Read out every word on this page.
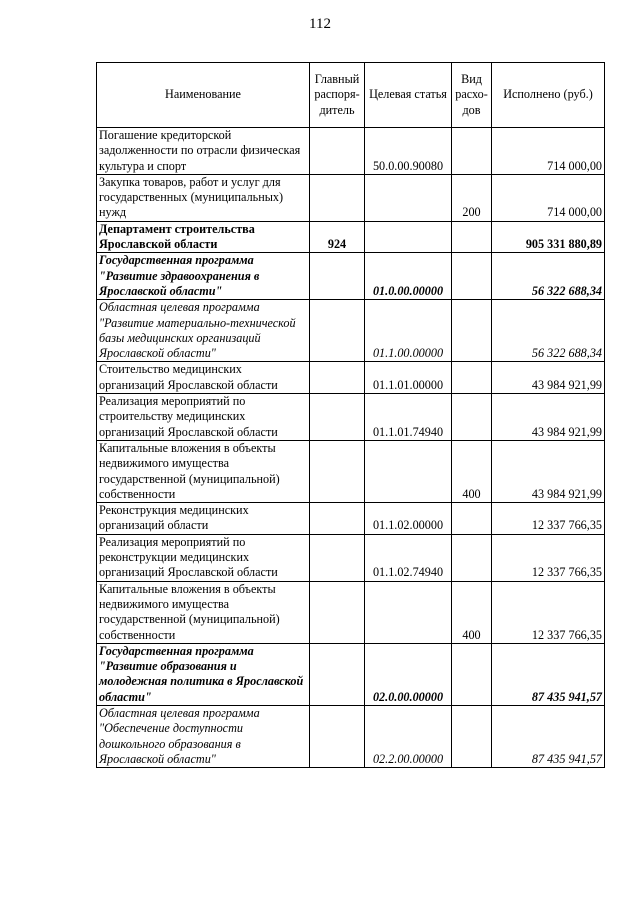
112
Наименование	Главный распоря-дитель	Целевая статья	Вид расхо-дов	Исполнено (руб.)
Погашение кредиторской задолженности по отрасли физическая культура и спорт		50.0.00.90080		714 000,00
Закупка товаров, работ и услуг для государственных (муниципальных) нужд			200	714 000,00
Департамент строительства Ярославской области	924			905 331 880,89
Государственная программа "Развитие здравоохранения в Ярославской области"		01.0.00.00000		56 322 688,34
Областная целевая программа "Развитие материально-технической базы медицинских организаций Ярославской области"		01.1.00.00000		56 322 688,34
Стоительство медицинских организаций Ярославской области		01.1.01.00000		43 984 921,99
Реализация мероприятий по строительству медицинских организаций Ярославской области		01.1.01.74940		43 984 921,99
Капитальные вложения в объекты недвижимого имущества государственной (муниципальной) собственности			400	43 984 921,99
Реконструкция медицинских организаций области		01.1.02.00000		12 337 766,35
Реализация мероприятий по реконструкции медицинских организаций Ярославской области		01.1.02.74940		12 337 766,35
Капитальные вложения в объекты недвижимого имущества государственной (муниципальной) собственности			400	12 337 766,35
Государственная программа "Развитие образования и молодежная политика в Ярославской области"		02.0.00.00000		87 435 941,57
Областная целевая программа "Обеспечение доступности дошкольного образования в Ярославской области"		02.2.00.00000		87 435 941,57
